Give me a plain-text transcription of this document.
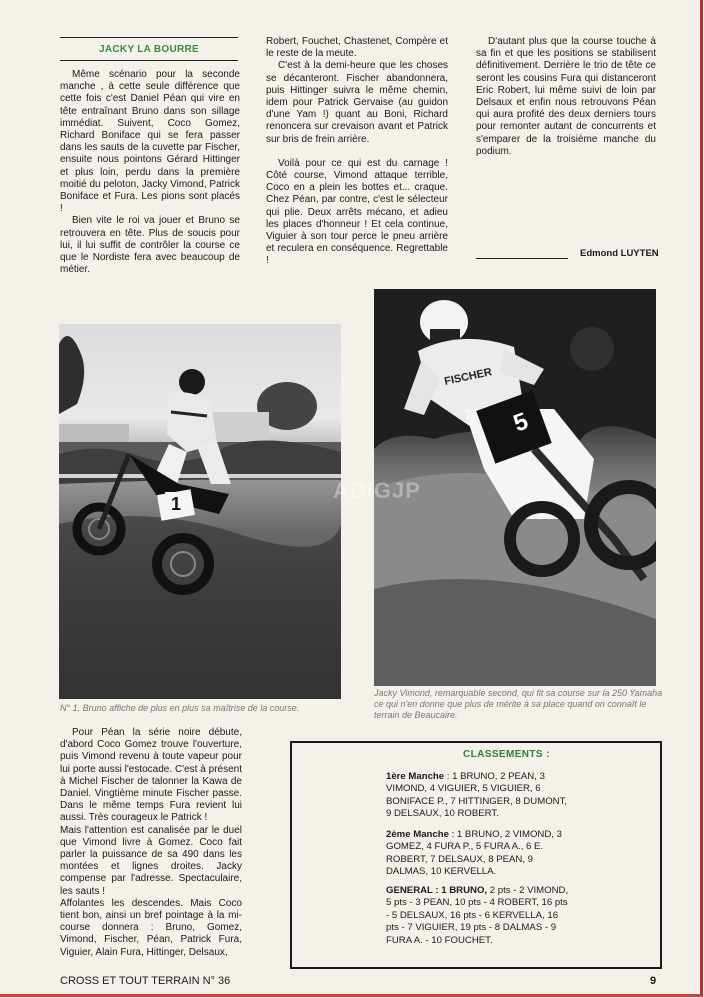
JACKY LA BOURRE

Même scénario pour la seconde manche , à cette seule différence que cette fois c'est Daniel Péan qui vire en tête entraînant Bruno dans son sillage immédiat. Suivent, Coco Gomez, Richard Boniface qui se fera passer dans les sauts de la cuvette par Fischer, ensuite nous pointons Gérard Hittinger et plus loin, perdu dans la première moitié du peloton, Jacky Vimond, Patrick Boniface et Fura. Les pions sont placés !

Bien vite le roi va jouer et Bruno se retrouvera en tête. Plus de soucis pour lui, il lui suffit de contrôler la course ce que le Nordiste fera avec beaucoup de métier.

Robert, Fouchet, Chastenet, Compère et le reste de la meute.

C'est à la demi-heure que les choses se décanteront. Fischer abandonnera, puis Hittinger suivra le même chemin, idem pour Patrick Gervaise (au guidon d'une Yam !) quant au Boni, Richard renoncera sur crevaison avant et Patrick sur bris de frein arrière.

Voilà pour ce qui est du carnage ! Côté course, Vimond attaque terrible, Coco en a plein les bottes et... craque. Chez Péan, par contre, c'est le sélecteur qui plie. Deux arrêts mécano, et adieu les places d'honneur ! Et cela continue, Viguier à son tour perce le pneu arrière et reculera en conséquence. Regrettable !

D'autant plus que la course touche à sa fin et que les positions se stabilisent définitivement. Derrière le trio de tête ce seront les cousins Fura qui distanceront Eric Robert, lui même suivi de loin par Delsaux et enfin nous retrouvons Péan qui aura profité des deux derniers tours pour remonter autant de concurrents et s'emparer de la troisième manche du podium.

Edmond LUYTEN
1
5
FISCHER
ADIGJP
N° 1. Bruno affiche de plus en plus sa maîtrise de la course.
Jacky Vimond, remarquable second, qui fit sa course sur la 250 Yamaha ce qui n'en donne que plus de mérite à sa place quand on connaît le terrain de Beaucaire.

Pour Péan la série noire débute, d'abord Coco Gomez trouve l'ouverture, puis Vimond revenu à toute vapeur pour lui porte aussi l'estocade. C'est à présent à Michel Fischer de talonner la Kawa de Daniel. Vingtième minute Fischer passe. Dans le même temps Fura revient lui aussi. Très courageux le Patrick !

Mais l'attention est canalisée par le duel que Vimond livre à Gomez. Coco fait parler la puissance de sa 490 dans les montées et lignes droites. Jacky compense par l'adresse. Spectaculaire, les sauts !

Affolantes les descendes. Mais Coco tient bon, ainsi un bref pointage à la mi-course donnera : Bruno, Gomez, Vimond, Fischer, Péan, Patrick Fura, Viguier, Alain Fura, Hittinger, Delsaux,

CLASSEMENTS :
1ère Manche : 1 BRUNO, 2 PEAN, 3 VIMOND, 4 VIGUIER, 5 VIGUIER, 6 BONIFACE P., 7 HITTINGER, 8 DUMONT, 9 DELSAUX, 10 ROBERT.
2ème Manche : 1 BRUNO, 2 VIMOND, 3 GOMEZ, 4 FURA P., 5 FURA A., 6 E. ROBERT, 7 DELSAUX, 8 PEAN, 9 DALMAS, 10 KERVELLA.
GENERAL : 1 BRUNO, 2 pts - 2 VIMOND, 5 pts - 3 PEAN, 10 pts - 4 ROBERT, 16 pts - 5 DELSAUX, 16 pts - 6 KERVELLA, 16 pts - 7 VIGUIER, 19 pts - 8 DALMAS - 9 FURA A. - 10 FOUCHET.
CROSS ET TOUT TERRAIN N° 36	9
